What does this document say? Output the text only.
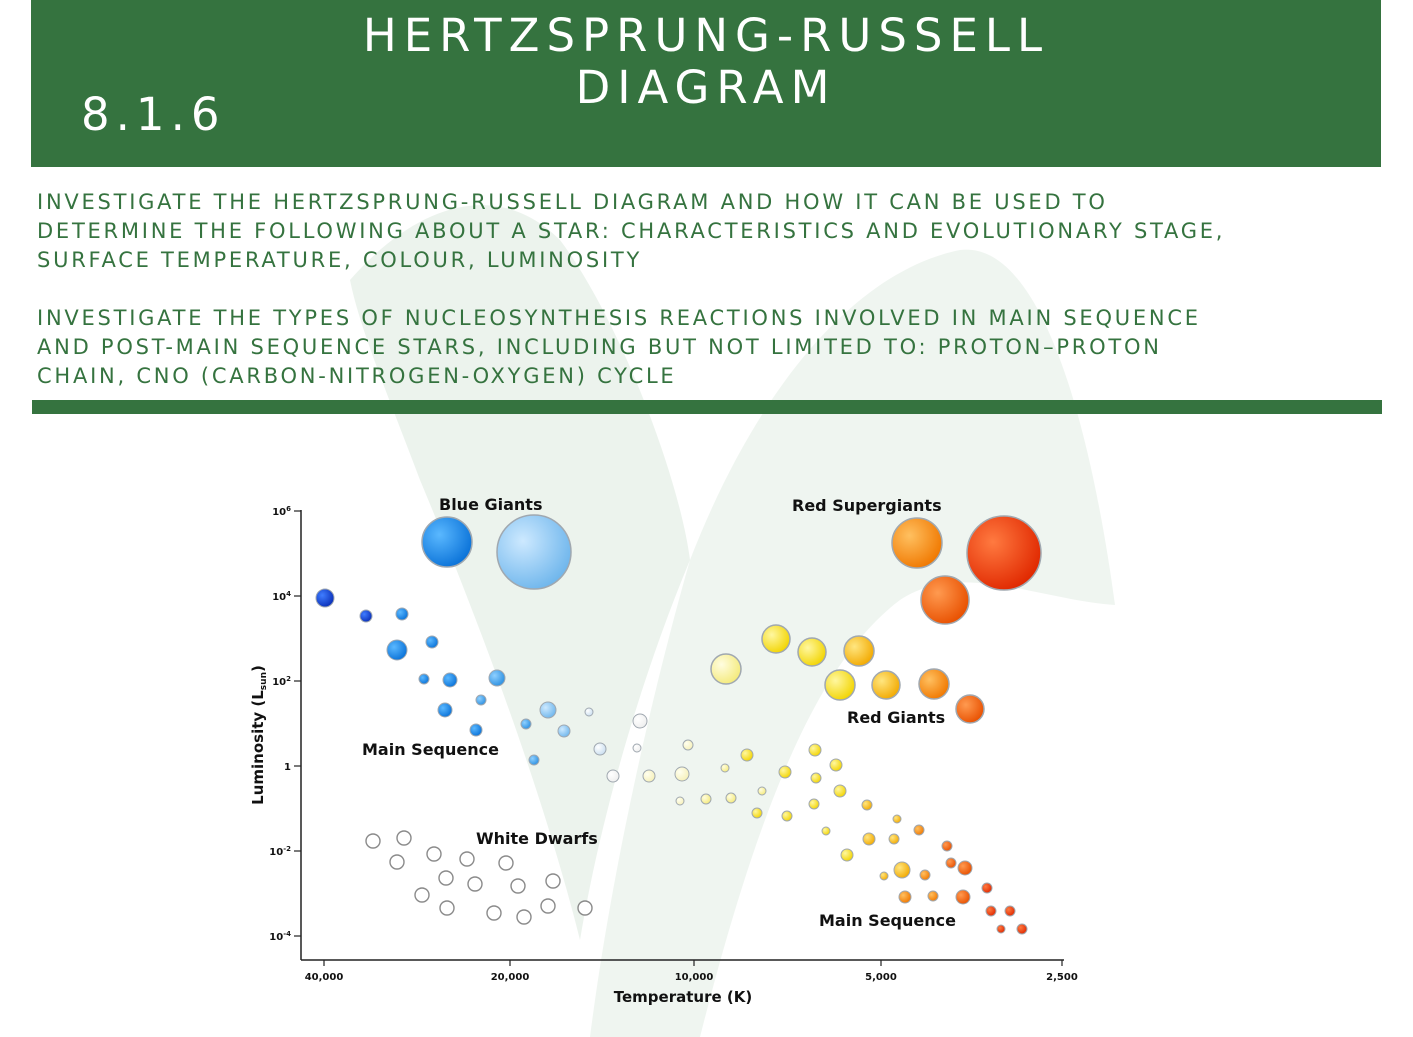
HERTZSPRUNG-RUSSELL
DIAGRAM
8.1.6

INVESTIGATE THE HERTZSPRUNG-RUSSELL DIAGRAM AND HOW IT CAN BE USED TO
DETERMINE THE FOLLOWING ABOUT A STAR: CHARACTERISTICS AND EVOLUTIONARY STAGE,
SURFACE TEMPERATURE, COLOUR, LUMINOSITY

INVESTIGATE THE TYPES OF NUCLEOSYNTHESIS REACTIONS INVOLVED IN MAIN SEQUENCE
AND POST-MAIN SEQUENCE STARS, INCLUDING BUT NOT LIMITED TO: PROTON–PROTON
CHAIN, CNO (CARBON-NITROGEN-OXYGEN) CYCLE

$10^6$
$10^4$
$10^2$
1
$10^{-2}$
$10^{-4}$
40,000	20,000	10,000	5,000	2,500
Temperature (K)
Luminosity $(L_{sun})$
Blue Giants	Red Supergiants
Main Sequence
Red Giants
White Dwarfs
Main Sequence
